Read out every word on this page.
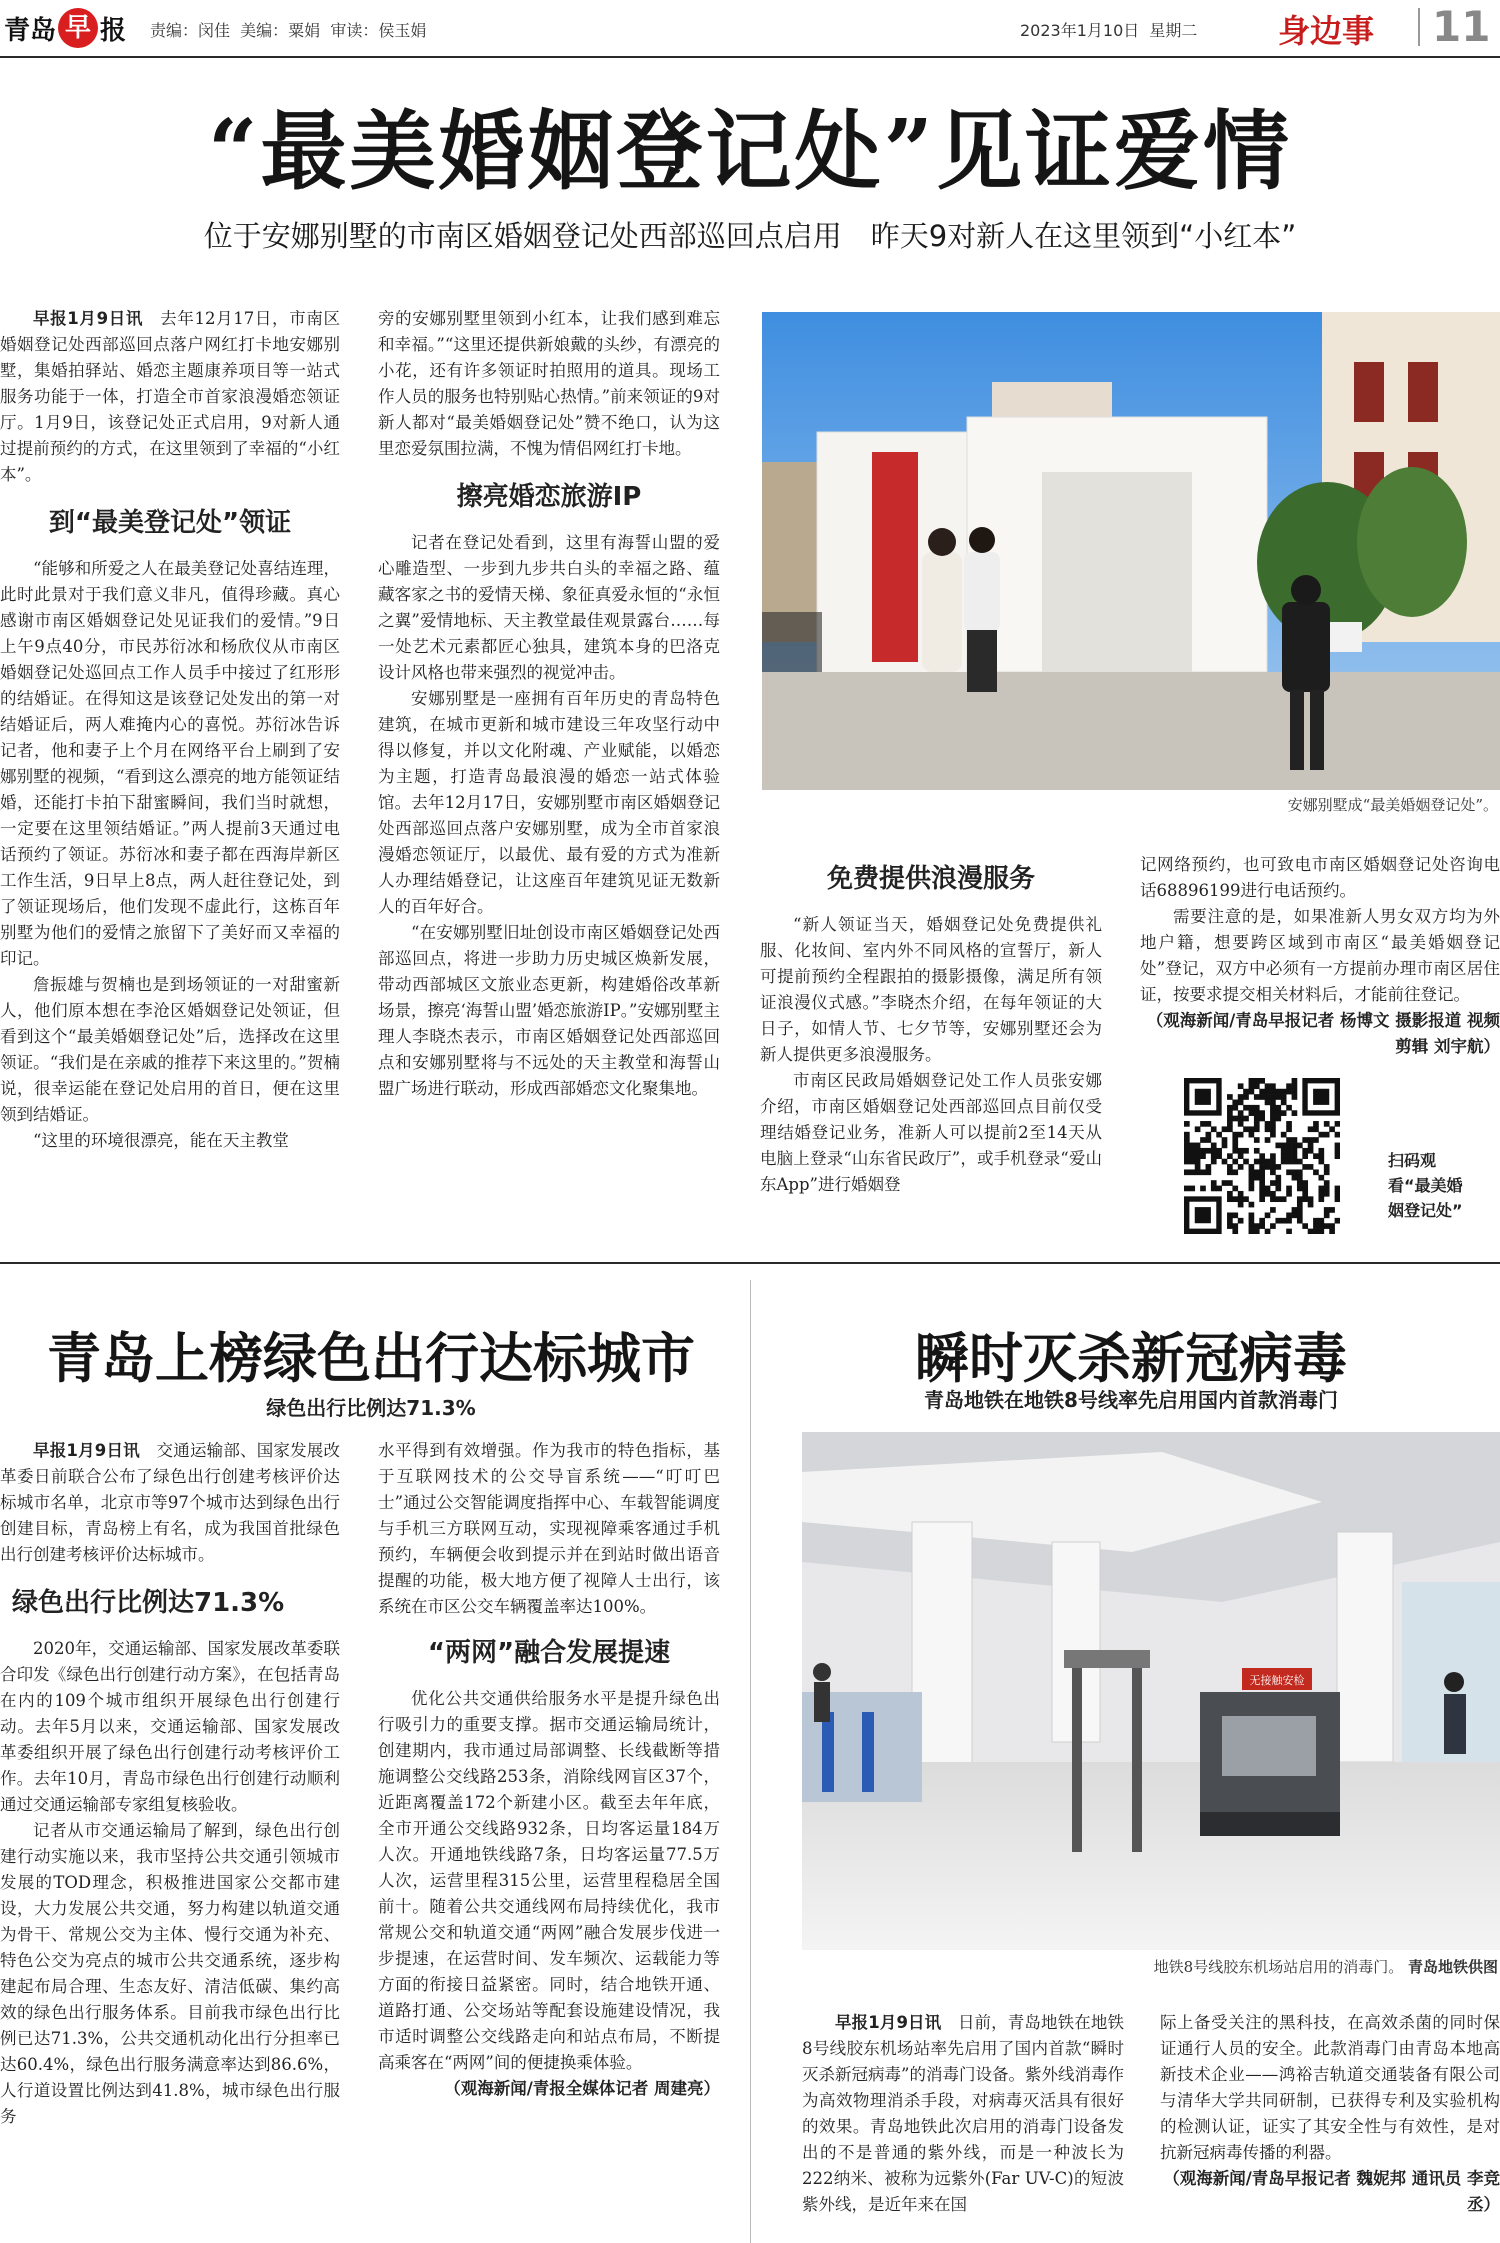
青岛 早 报 责编：闵佳  美编：粟娟  审读：侯玉娟	2023年1月10日  星期二	身边事 11
“最美婚姻登记处”见证爱情
位于安娜别墅的市南区婚姻登记处西部巡回点启用　昨天9对新人在这里领到“小红本”

早报1月9日讯　 去年12月17日，市南区婚姻登记处西部巡回点落户网红打卡地安娜别墅，集婚拍驿站、婚恋主题康养项目等一站式服务功能于一体，打造全市首家浪漫婚恋领证厅。1月9日，该登记处正式启用，9对新人通过提前预约的方式，在这里领到了幸福的“小红本”。

到“最美登记处”领证

“能够和所爱之人在最美登记处喜结连理，此时此景对于我们意义非凡，值得珍藏。真心感谢市南区婚姻登记处见证我们的爱情。”9日上午9点40分，市民苏衍冰和杨欣仪从市南区婚姻登记处巡回点工作人员手中接过了红形形的结婚证。在得知这是该登记处发出的第一对结婚证后，两人难掩内心的喜悦。苏衍冰告诉记者，他和妻子上个月在网络平台上刷到了安娜别墅的视频，“看到这么漂亮的地方能领证结婚，还能打卡拍下甜蜜瞬间，我们当时就想，一定要在这里领结婚证。”两人提前3天通过电话预约了领证。苏衍冰和妻子都在西海岸新区工作生活，9日早上8点，两人赶往登记处，到了领证现场后，他们发现不虚此行，这栋百年别墅为他们的爱情之旅留下了美好而又幸福的印记。

詹振雄与贺楠也是到场领证的一对甜蜜新人，他们原本想在李沧区婚姻登记处领证，但看到这个“最美婚姻登记处”后，选择改在这里领证。“我们是在亲戚的推荐下来这里的。”贺楠说，很幸运能在登记处启用的首日，便在这里领到结婚证。

“这里的环境很漂亮，能在天主教堂

旁的安娜别墅里领到小红本，让我们感到难忘和幸福。”“这里还提供新娘戴的头纱，有漂亮的小花，还有许多领证时拍照用的道具。现场工作人员的服务也特别贴心热情。”前来领证的9对新人都对“最美婚姻登记处”赞不绝口，认为这里恋爱氛围拉满，不愧为情侣网红打卡地。

擦亮婚恋旅游IP

记者在登记处看到，这里有海誓山盟的爱心雕造型、一步到九步共白头的幸福之路、蕴藏客家之书的爱情天梯、象征真爱永恒的“永恒之翼”爱情地标、天主教堂最佳观景露台……每一处艺术元素都匠心独具，建筑本身的巴洛克设计风格也带来强烈的视觉冲击。

安娜别墅是一座拥有百年历史的青岛特色建筑，在城市更新和城市建设三年攻坚行动中得以修复，并以文化附魂、产业赋能，以婚恋为主题，打造青岛最浪漫的婚恋一站式体验馆。去年12月17日，安娜别墅市南区婚姻登记处西部巡回点落户安娜别墅，成为全市首家浪漫婚恋领证厅，以最优、最有爱的方式为准新人办理结婚登记，让这座百年建筑见证无数新人的百年好合。

“在安娜别墅旧址创设市南区婚姻登记处西部巡回点，将进一步助力历史城区焕新发展，带动西部城区文旅业态更新，构建婚俗改革新场景，擦亮‘海誓山盟’婚恋旅游IP。”安娜别墅主理人李晓杰表示，市南区婚姻登记处西部巡回点和安娜别墅将与不远处的天主教堂和海誓山盟广场进行联动，形成西部婚恋文化聚集地。

安娜别墅成“最美婚姻登记处”。
免费提供浪漫服务

“新人领证当天，婚姻登记处免费提供礼服、化妆间、室内外不同风格的宣誓厅，新人可提前预约全程跟拍的摄影摄像，满足所有领证浪漫仪式感。”李晓杰介绍，在每年领证的大日子，如情人节、七夕节等，安娜别墅还会为新人提供更多浪漫服务。

市南区民政局婚姻登记处工作人员张安娜介绍，市南区婚姻登记处西部巡回点目前仅受理结婚登记业务，准新人可以提前2至14天从电脑上登录“山东省民政厅”，或手机登录“爱山东App”进行婚姻登

记网络预约，也可致电市南区婚姻登记处咨询电话68896199进行电话预约。

需要注意的是，如果准新人男女双方均为外地户籍，想要跨区域到市南区“最美婚姻登记处”登记，双方中必须有一方提前办理市南区居住证，按要求提交相关材料后，才能前往登记。

（观海新闻/青岛早报记者 杨博文 摄影报道 视频剪辑 刘宇航）

扫码观看“最美婚姻登记处”
青岛上榜绿色出行达标城市
绿色出行比例达71.3%

早报1月9日讯　 交通运输部、国家发展改革委日前联合公布了绿色出行创建考核评价达标城市名单，北京市等97个城市达到绿色出行创建目标，青岛榜上有名，成为我国首批绿色出行创建考核评价达标城市。

绿色出行比例达71.3%

2020年，交通运输部、国家发展改革委联合印发《绿色出行创建行动方案》，在包括青岛在内的109个城市组织开展绿色出行创建行动。去年5月以来，交通运输部、国家发展改革委组织开展了绿色出行创建行动考核评价工作。去年10月，青岛市绿色出行创建行动顺利通过交通运输部专家组复核验收。

记者从市交通运输局了解到，绿色出行创建行动实施以来，我市坚持公共交通引领城市发展的TOD理念，积极推进国家公交都市建设，大力发展公共交通，努力构建以轨道交通为骨干、常规公交为主体、慢行交通为补充、特色公交为亮点的城市公共交通系统，逐步构建起布局合理、生态友好、清洁低碳、集约高效的绿色出行服务体系。目前我市绿色出行比例已达71.3%，公共交通机动化出行分担率已达60.4%，绿色出行服务满意率达到86.6%，人行道设置比例达到41.8%，城市绿色出行服务

水平得到有效增强。作为我市的特色指标，基于互联网技术的公交导盲系统——“叮叮巴士”通过公交智能调度指挥中心、车载智能调度与手机三方联网互动，实现视障乘客通过手机预约，车辆便会收到提示并在到站时做出语音提醒的功能，极大地方便了视障人士出行，该系统在市区公交车辆覆盖率达100%。

“两网”融合发展提速

优化公共交通供给服务水平是提升绿色出行吸引力的重要支撑。据市交通运输局统计，创建期内，我市通过局部调整、长线截断等措施调整公交线路253条，消除线网盲区37个，近距离覆盖172个新建小区。截至去年年底，全市开通公交线路932条，日均客运量184万人次。开通地铁线路7条，日均客运量77.5万人次，运营里程315公里，运营里程稳居全国前十。随着公共交通线网布局持续优化，我市常规公交和轨道交通“两网”融合发展步伐进一步提速，在运营时间、发车频次、运载能力等方面的衔接日益紧密。同时，结合地铁开通、道路打通、公交场站等配套设施建设情况，我市适时调整公交线路走向和站点布局，不断提高乘客在“两网”间的便捷换乘体验。

（观海新闻/青报全媒体记者 周建亮）

瞬时灭杀新冠病毒
青岛地铁在地铁8号线率先启用国内首款消毒门
无接触安检
地铁8号线胶东机场站启用的消毒门。 青岛地铁供图

早报1月9日讯　 日前，青岛地铁在地铁8号线胶东机场站率先启用了国内首款“瞬时灭杀新冠病毒”的消毒门设备。紫外线消毒作为高效物理消杀手段，对病毒灭活具有很好的效果。青岛地铁此次启用的消毒门设备发出的不是普通的紫外线，而是一种波长为222纳米、被称为远紫外(Far UV-C)的短波紫外线，是近年来在国

际上备受关注的黑科技，在高效杀菌的同时保证通行人员的安全。此款消毒门由青岛本地高新技术企业——鸿裕吉轨道交通装备有限公司与清华大学共同研制，已获得专利及实验机构的检测认证，证实了其安全性与有效性，是对抗新冠病毒传播的利器。

（观海新闻/青岛早报记者 魏妮邦 通讯员 李竞丞）
